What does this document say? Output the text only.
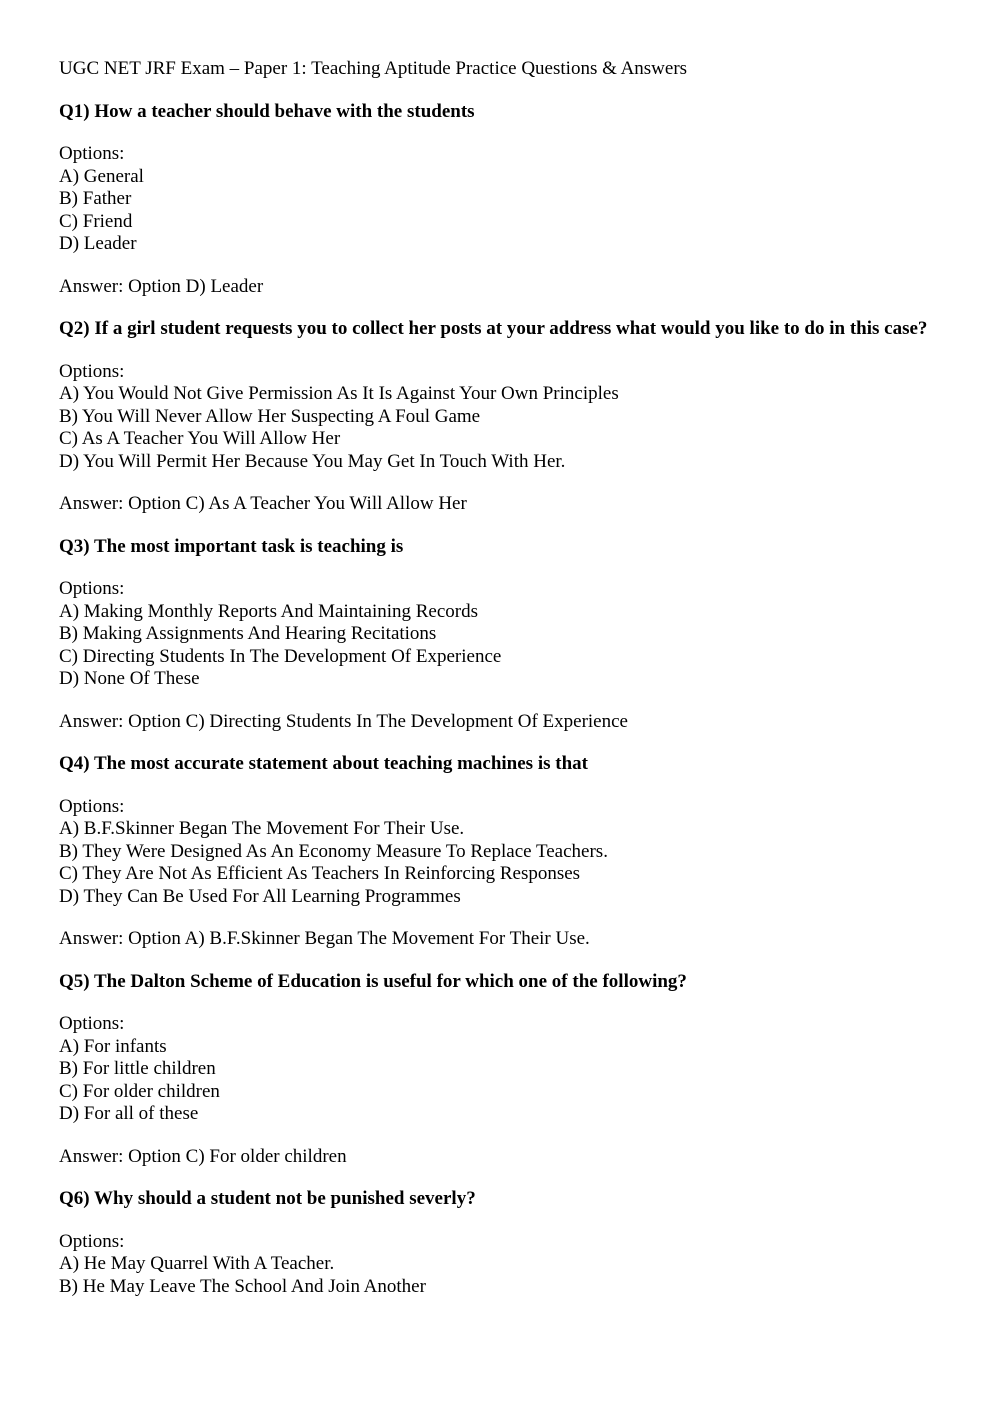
UGC NET JRF Exam – Paper 1: Teaching Aptitude Practice Questions & Answers
Q1) How a teacher should behave with the students
Options:
A) General
B) Father
C) Friend
D) Leader
Answer: Option D) Leader
Q2) If a girl student requests you to collect her posts at your address what would you like to do in this case?
Options:
A) You Would Not Give Permission As It Is Against Your Own Principles
B) You Will Never Allow Her Suspecting A Foul Game
C) As A Teacher You Will Allow Her
D) You Will Permit Her Because You May Get In Touch With Her.
Answer: Option C) As A Teacher You Will Allow Her
Q3) The most important task is teaching is
Options:
A) Making Monthly Reports And Maintaining Records
B) Making Assignments And Hearing Recitations
C) Directing Students In The Development Of Experience
D) None Of These
Answer: Option C) Directing Students In The Development Of Experience
Q4) The most accurate statement about teaching machines is that
Options:
A) B.F.Skinner Began The Movement For Their Use.
B) They Were Designed As An Economy Measure To Replace Teachers.
C) They Are Not As Efficient As Teachers In Reinforcing Responses
D) They Can Be Used For All Learning Programmes
Answer: Option A) B.F.Skinner Began The Movement For Their Use.
Q5) The Dalton Scheme of Education is useful for which one of the following?
Options:
A) For infants
B) For little children
C) For older children
D) For all of these
Answer: Option C) For older children
Q6) Why should a student not be punished severly?
Options:
A) He May Quarrel With A Teacher.
B) He May Leave The School And Join Another
